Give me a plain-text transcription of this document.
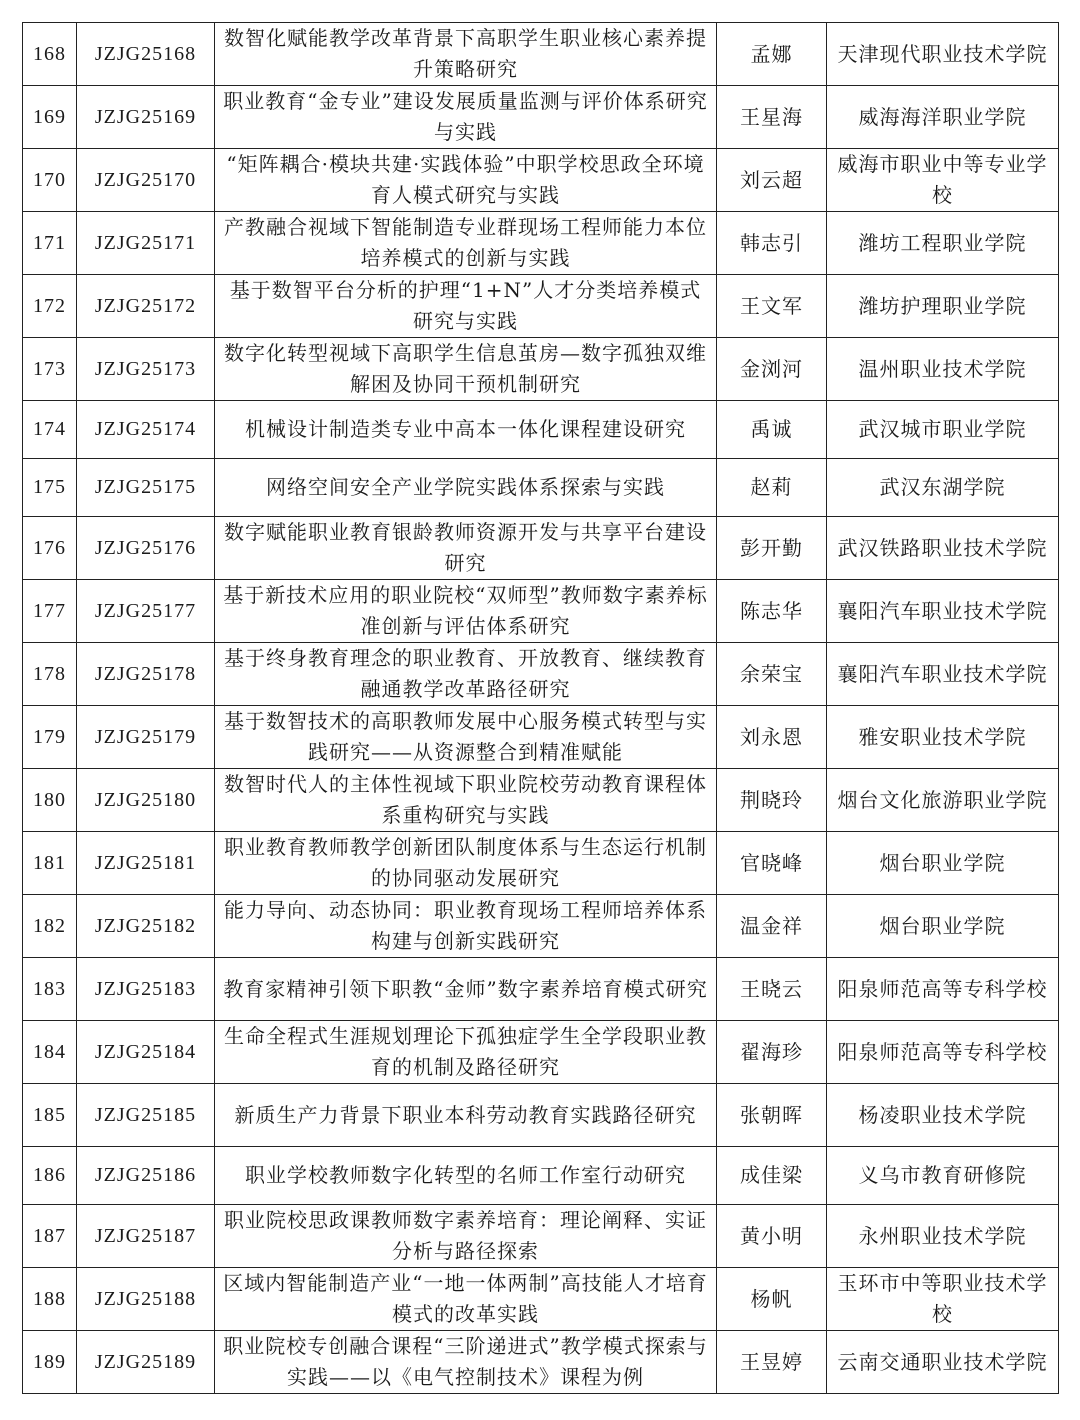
168	JZJG25168	数智化赋能教学改革背景下高职学生职业核心素养提升策略研究	孟娜	天津现代职业技术学院
169	JZJG25169	职业教育“金专业”建设发展质量监测与评价体系研究与实践	王星海	威海海洋职业学院
170	JZJG25170	“矩阵耦合·模块共建·实践体验”中职学校思政全环境育人模式研究与实践	刘云超	威海市职业中等专业学校
171	JZJG25171	产教融合视域下智能制造专业群现场工程师能力本位培养模式的创新与实践	韩志引	潍坊工程职业学院
172	JZJG25172	基于数智平台分析的护理“1+N”人才分类培养模式研究与实践	王文军	潍坊护理职业学院
173	JZJG25173	数字化转型视域下高职学生信息茧房—数字孤独双维解困及协同干预机制研究	金浏河	温州职业技术学院
174	JZJG25174	机械设计制造类专业中高本一体化课程建设研究	禹诚	武汉城市职业学院
175	JZJG25175	网络空间安全产业学院实践体系探索与实践	赵莉	武汉东湖学院
176	JZJG25176	数字赋能职业教育银龄教师资源开发与共享平台建设研究	彭开勤	武汉铁路职业技术学院
177	JZJG25177	基于新技术应用的职业院校“双师型”教师数字素养标准创新与评估体系研究	陈志华	襄阳汽车职业技术学院
178	JZJG25178	基于终身教育理念的职业教育、开放教育、继续教育融通教学改革路径研究	余荣宝	襄阳汽车职业技术学院
179	JZJG25179	基于数智技术的高职教师发展中心服务模式转型与实践研究——从资源整合到精准赋能	刘永恩	雅安职业技术学院
180	JZJG25180	数智时代人的主体性视域下职业院校劳动教育课程体系重构研究与实践	荆晓玲	烟台文化旅游职业学院
181	JZJG25181	职业教育教师教学创新团队制度体系与生态运行机制的协同驱动发展研究	官晓峰	烟台职业学院
182	JZJG25182	能力导向、动态协同：职业教育现场工程师培养体系构建与创新实践研究	温金祥	烟台职业学院
183	JZJG25183	教育家精神引领下职教“金师”数字素养培育模式研究	王晓云	阳泉师范高等专科学校
184	JZJG25184	生命全程式生涯规划理论下孤独症学生全学段职业教育的机制及路径研究	翟海珍	阳泉师范高等专科学校
185	JZJG25185	新质生产力背景下职业本科劳动教育实践路径研究	张朝晖	杨凌职业技术学院
186	JZJG25186	职业学校教师数字化转型的名师工作室行动研究	成佳梁	义乌市教育研修院
187	JZJG25187	职业院校思政课教师数字素养培育：理论阐释、实证分析与路径探索	黄小明	永州职业技术学院
188	JZJG25188	区域内智能制造产业“一地一体两制”高技能人才培育模式的改革实践	杨帆	玉环市中等职业技术学校
189	JZJG25189	职业院校专创融合课程“三阶递进式”教学模式探索与实践——以《电气控制技术》课程为例	王昱婷	云南交通职业技术学院
